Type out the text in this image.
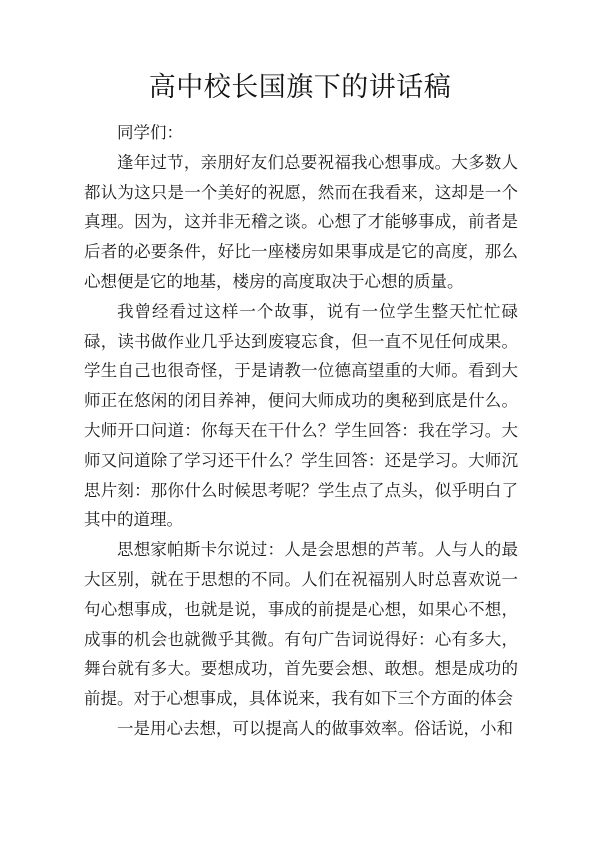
高中校长国旗下的讲话稿

同学们：

逢年过节，亲朋好友们总要祝福我心想事成。大多数人都认为这只是一个美好的祝愿，然而在我看来，这却是一个真理。因为，这并非无稽之谈。心想了才能够事成，前者是后者的必要条件，好比一座楼房如果事成是它的高度，那么心想便是它的地基，楼房的高度取决于心想的质量。

我曾经看过这样一个故事，说有一位学生整天忙忙碌碌，读书做作业几乎达到废寝忘食，但一直不见任何成果。学生自己也很奇怪，于是请教一位德高望重的大师。看到大师正在悠闲的闭目养神，便问大师成功的奥秘到底是什么。大师开口问道：你每天在干什么？学生回答：我在学习。大师又问道除了学习还干什么？学生回答：还是学习。大师沉思片刻：那你什么时候思考呢？学生点了点头，似乎明白了其中的道理。

思想家帕斯卡尔说过：人是会思想的芦苇。人与人的最大区别，就在于思想的不同。人们在祝福别人时总喜欢说一句心想事成，也就是说，事成的前提是心想，如果心不想，成事的机会也就微乎其微。有句广告词说得好：心有多大，舞台就有多大。要想成功，首先要会想、敢想。想是成功的前提。对于心想事成，具体说来，我有如下三个方面的体会

一是用心去想，可以提高人的做事效率。俗话说，小和
